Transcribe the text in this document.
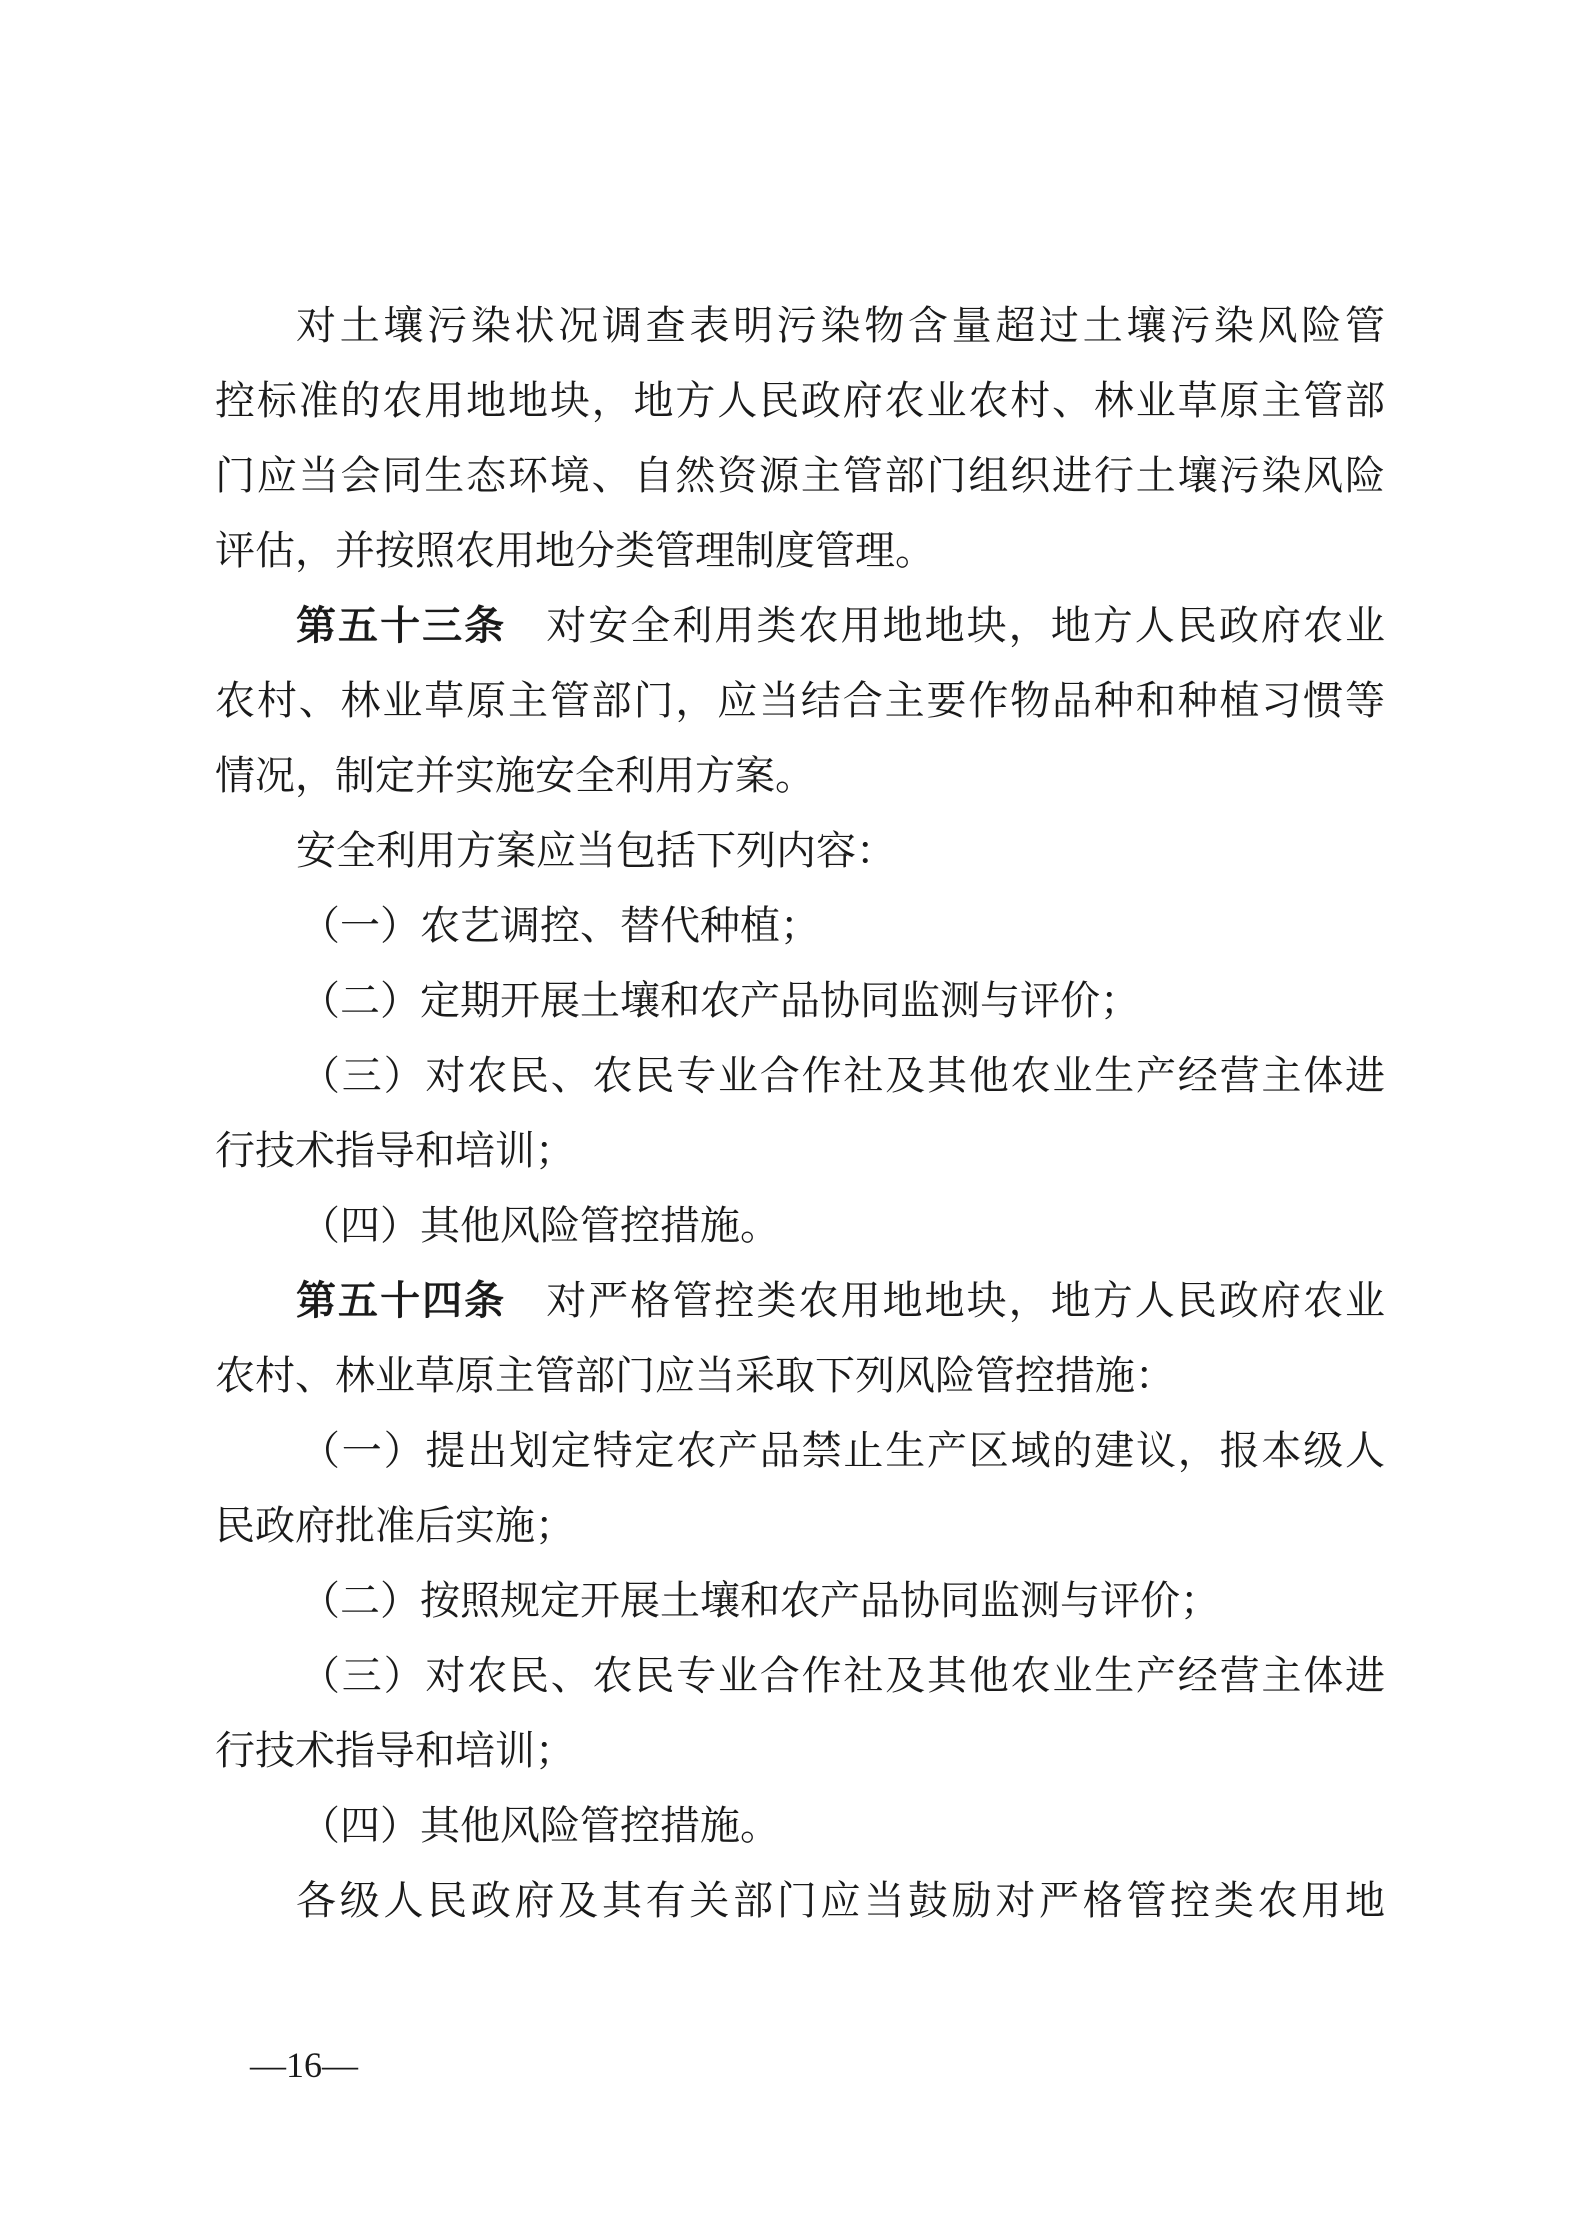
对土壤污染状况调查表明污染物含量超过土壤污染风险管
控标准的农用地地块，地方人民政府农业农村、林业草原主管部
门应当会同生态环境、自然资源主管部门组织进行土壤污染风险
评估，并按照农用地分类管理制度管理。
第五十三条 对安全利用类农用地地块，地方人民政府农业
农村、林业草原主管部门，应当结合主要作物品种和种植习惯等
情况，制定并实施安全利用方案。
安全利用方案应当包括下列内容：
（一）农艺调控、替代种植；
（二）定期开展土壤和农产品协同监测与评价；
（三）对农民、农民专业合作社及其他农业生产经营主体进
行技术指导和培训；
（四）其他风险管控措施。
第五十四条 对严格管控类农用地地块，地方人民政府农业
农村、林业草原主管部门应当采取下列风险管控措施：
（一）提出划定特定农产品禁止生产区域的建议，报本级人
民政府批准后实施；
（二）按照规定开展土壤和农产品协同监测与评价；
（三）对农民、农民专业合作社及其他农业生产经营主体进
行技术指导和培训；
（四）其他风险管控措施。
各级人民政府及其有关部门应当鼓励对严格管控类农用地
—16—
